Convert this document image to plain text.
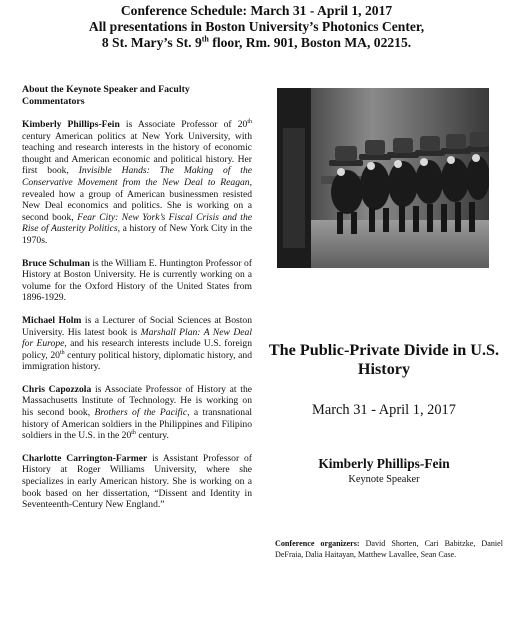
Conference Schedule: March 31 - April 1, 2017
All presentations in Boston University’s Photonics Center,
8 St. Mary’s St. 9th floor, Rm. 901, Boston MA, 02215.
About the Keynote Speaker and Faculty Commentators

Kimberly Phillips-Fein is Associate Professor of 20th century American politics at New York University, with teaching and research interests in the history of economic thought and American economic and political history. Her first book, Invisible Hands: The Making of the Conservative Movement from the New Deal to Reagan, revealed how a group of American businessmen resisted New Deal economics and politics. She is working on a second book, Fear City: New York’s Fiscal Crisis and the Rise of Austerity Politics, a history of New York City in the 1970s.

Bruce Schulman is the William E. Huntington Professor of History at Boston University. He is currently working on a volume for the Oxford History of the United States from 1896-1929.

Michael Holm is a Lecturer of Social Sciences at Boston University. His latest book is Marshall Plan: A New Deal for Europe, and his research interests include U.S. foreign policy, 20th century political history, diplomatic history, and immigration history.

Chris Capozzola is Associate Professor of History at the Massachusetts Institute of Technology. He is working on his second book, Brothers of the Pacific, a transnational history of American soldiers in the Philippines and Filipino soldiers in the U.S. in the 20th century.

Charlotte Carrington-Farmer is Assistant Professor of History at Roger Williams University, where she specializes in early American history. She is working on a book based on her dissertation, “Dissent and Identity in Seventeenth-Century New England.”

The Public-Private Divide in U.S. History
March 31 - April 1, 2017
Kimberly Phillips-Fein
Keynote Speaker

Conference organizers: David Shorten, Cari Babitzke, Daniel DeFraia, Dalia Haitayan, Matthew Lavallee, Sean Case.
